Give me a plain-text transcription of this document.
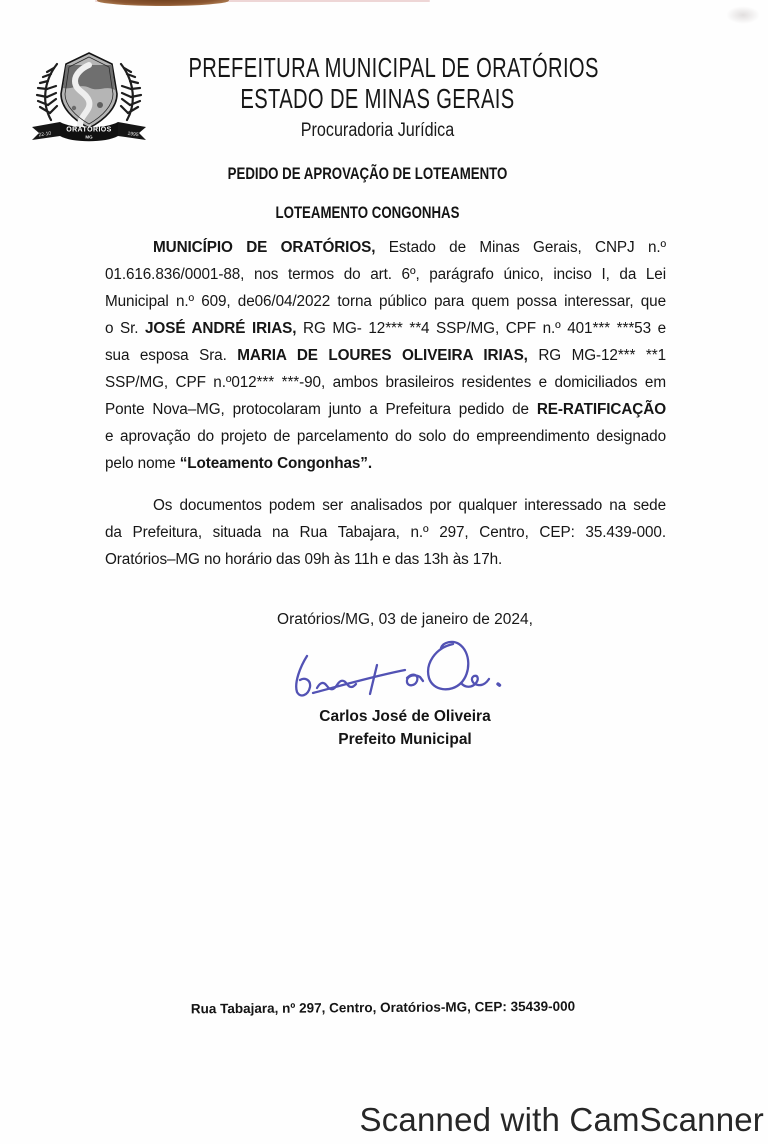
ORATÓRIOS
MG
22-10	1995
PREFEITURA MUNICIPAL DE ORATÓRIOS
ESTADO DE MINAS GERAIS
Procuradoria Jurídica
PEDIDO DE APROVAÇÃO DE LOTEAMENTO
LOTEAMENTO CONGONHAS
MUNICÍPIO DE ORATÓRIOS, Estado de Minas Gerais, CNPJ n.º
01.616.836/0001-88, nos termos do art. 6º, parágrafo único, inciso I, da Lei
Municipal n.º 609, de06/04/2022 torna público para quem possa interessar, que
o Sr. JOSÉ ANDRÉ IRIAS, RG MG- 12*** **4 SSP/MG, CPF n.º 401*** ***53 e
sua esposa Sra. MARIA DE LOURES OLIVEIRA IRIAS, RG MG-12*** **1
SSP/MG, CPF n.º012*** ***-90, ambos brasileiros residentes e domiciliados em
Ponte Nova–MG, protocolaram junto a Prefeitura pedido de RE-RATIFICAÇÃO
e aprovação do projeto de parcelamento do solo do empreendimento designado
pelo nome “Loteamento Congonhas”.
Os documentos podem ser analisados por qualquer interessado na sede
da Prefeitura, situada na Rua Tabajara, n.º 297, Centro, CEP: 35.439-000.
Oratórios–MG no horário das 09h às 11h e das 13h às 17h.
Oratórios/MG, 03 de janeiro de 2024,
Carlos José de Oliveira
Prefeito Municipal
Rua Tabajara, nº 297, Centro, Oratórios-MG, CEP: 35439-000
Scanned with CamScanner
